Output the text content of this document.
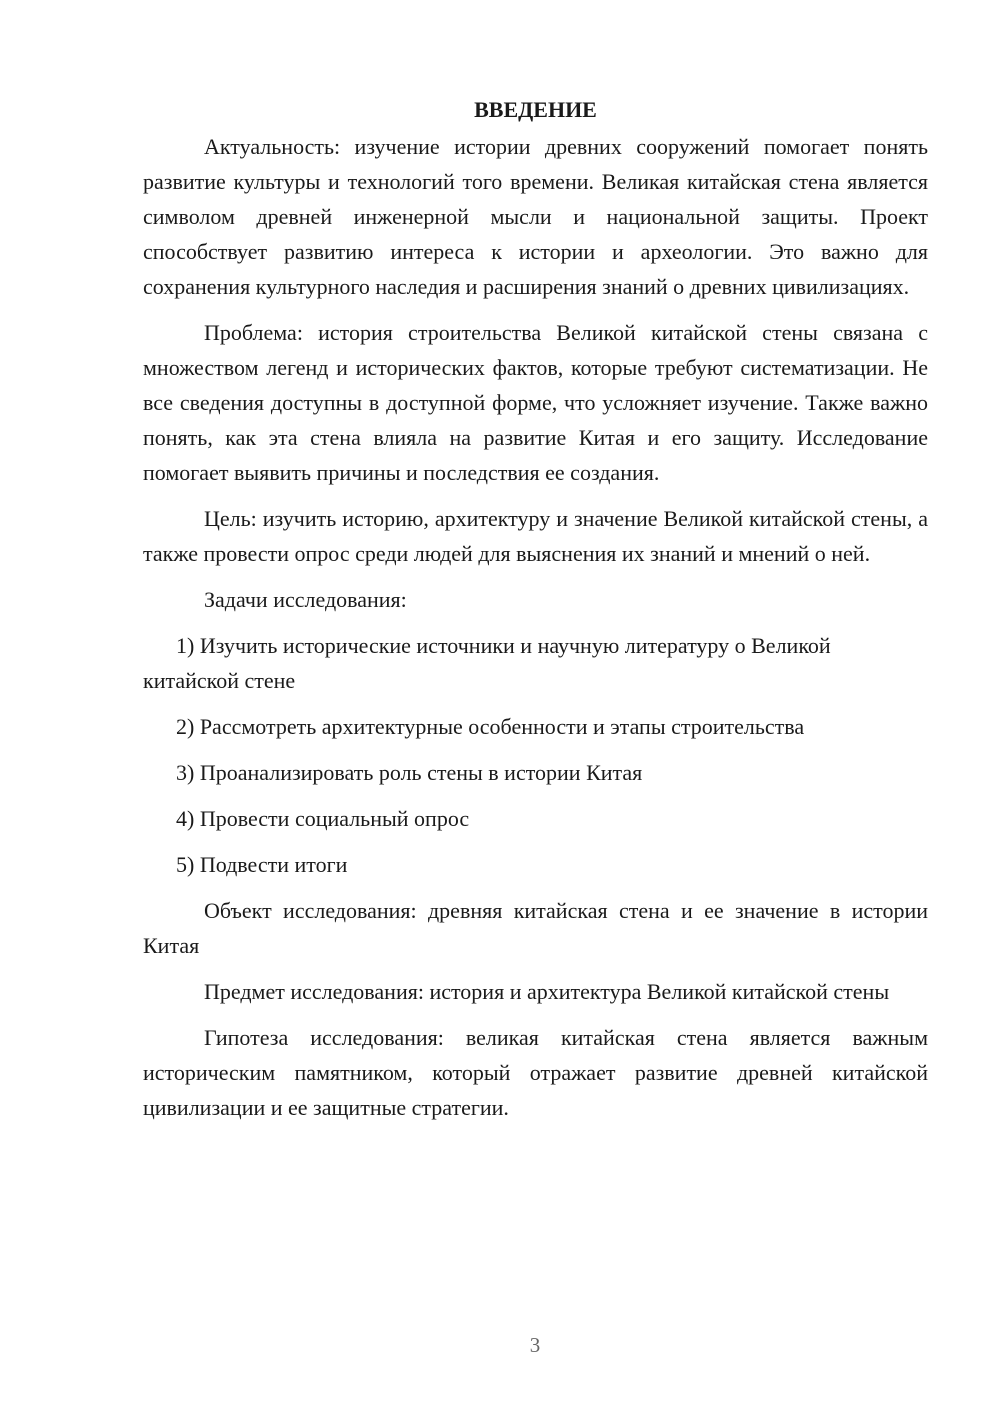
ВВЕДЕНИЕ

Актуальность: изучение истории древних сооружений помогает понять развитие культуры и технологий того времени. Великая китайская стена является символом древней инженерной мысли и национальной защиты. Проект способствует развитию интереса к истории и археологии. Это важно для сохранения культурного наследия и расширения знаний о древних цивилизациях.

Проблема: история строительства Великой китайской стены связана с множеством легенд и исторических фактов, которые требуют систематизации. Не все сведения доступны в доступной форме, что усложняет изучение. Также важно понять, как эта стена влияла на развитие Китая и его защиту. Исследование помогает выявить причины и последствия ее создания.

Цель: изучить историю, архитектуру и значение Великой китайской стены, а также провести опрос среди людей для выяснения их знаний и мнений о ней.

Задачи исследования:

1) Изучить исторические источники и научную литературу о Великой китайской стене

2) Рассмотреть архитектурные особенности и этапы строительства

3) Проанализировать роль стены в истории Китая

4) Провести социальный опрос

5) Подвести итоги

Объект исследования: древняя китайская стена и ее значение в истории Китая

Предмет исследования: история и архитектура Великой китайской стены

Гипотеза исследования: великая китайская стена является важным историческим памятником, который отражает развитие древней китайской цивилизации и ее защитные стратегии.

3
